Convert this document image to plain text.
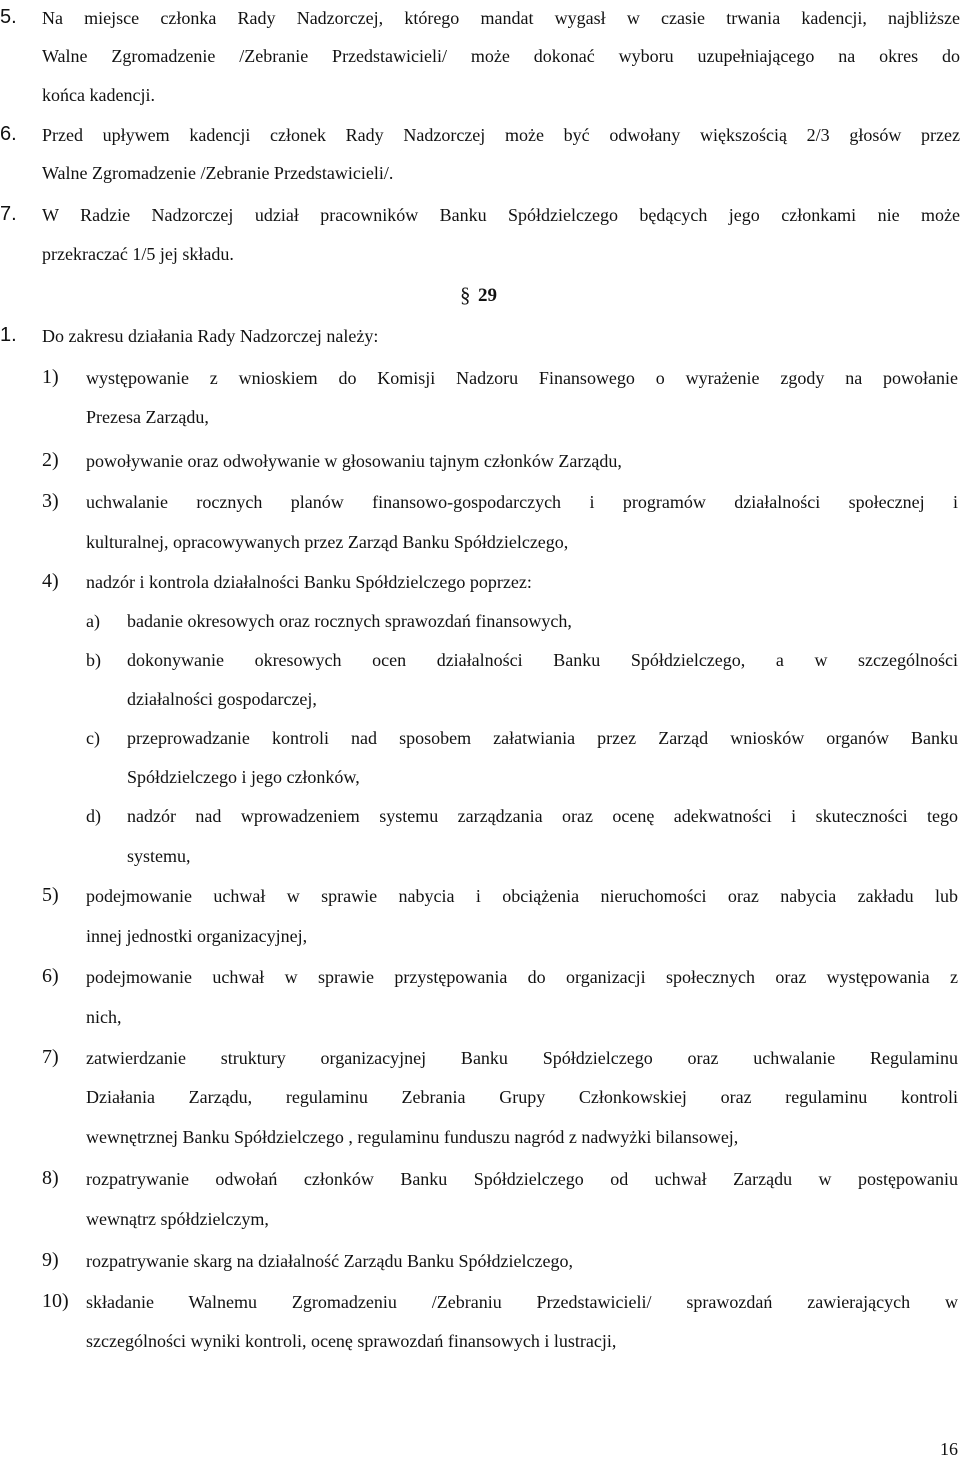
5. Na miejsce członka Rady Nadzorczej, którego mandat wygasł w czasie trwania kadencji, najbliższe
Walne Zgromadzenie /Zebranie Przedstawicieli/ może dokonać wyboru uzupełniającego na okres do
końca kadencji.
6. Przed upływem kadencji członek Rady Nadzorczej może być odwołany większością 2/3 głosów przez
Walne Zgromadzenie /Zebranie Przedstawicieli/.
7. W Radzie Nadzorczej udział pracowników Banku Spółdzielczego będących jego członkami nie może
przekraczać 1/5 jej składu.
§ 29
1. Do zakresu działania Rady Nadzorczej należy:
1) występowanie z wnioskiem do Komisji Nadzoru Finansowego o wyrażenie zgody na powołanie
Prezesa Zarządu,
2) powoływanie oraz odwoływanie w głosowaniu tajnym członków Zarządu,
3) uchwalanie rocznych planów finansowo-gospodarczych i programów działalności społecznej i
kulturalnej, opracowywanych przez Zarząd Banku Spółdzielczego,
4) nadzór i kontrola działalności Banku Spółdzielczego poprzez:
a) badanie okresowych oraz rocznych sprawozdań finansowych,
b) dokonywanie okresowych ocen działalności Banku Spółdzielczego, a w szczególności
działalności gospodarczej,
c) przeprowadzanie kontroli nad sposobem załatwiania przez Zarząd wniosków organów Banku
Spółdzielczego i jego członków,
d) nadzór nad wprowadzeniem systemu zarządzania oraz ocenę adekwatności i skuteczności tego
systemu,
5) podejmowanie uchwał w sprawie nabycia i obciążenia nieruchomości oraz nabycia zakładu lub
innej jednostki organizacyjnej,
6) podejmowanie uchwał w sprawie przystępowania do organizacji społecznych oraz występowania z
nich,
7) zatwierdzanie struktury organizacyjnej Banku Spółdzielczego oraz uchwalanie Regulaminu
Działania Zarządu, regulaminu Zebrania Grupy Członkowskiej oraz regulaminu kontroli
wewnętrznej Banku Spółdzielczego , regulaminu funduszu nagród z nadwyżki bilansowej,
8) rozpatrywanie odwołań członków Banku Spółdzielczego od uchwał Zarządu w postępowaniu
wewnątrz spółdzielczym,
9) rozpatrywanie skarg na działalność Zarządu Banku Spółdzielczego,
10) składanie Walnemu Zgromadzeniu /Zebraniu Przedstawicieli/ sprawozdań zawierających w
szczególności wyniki kontroli, ocenę sprawozdań finansowych i lustracji,
16
